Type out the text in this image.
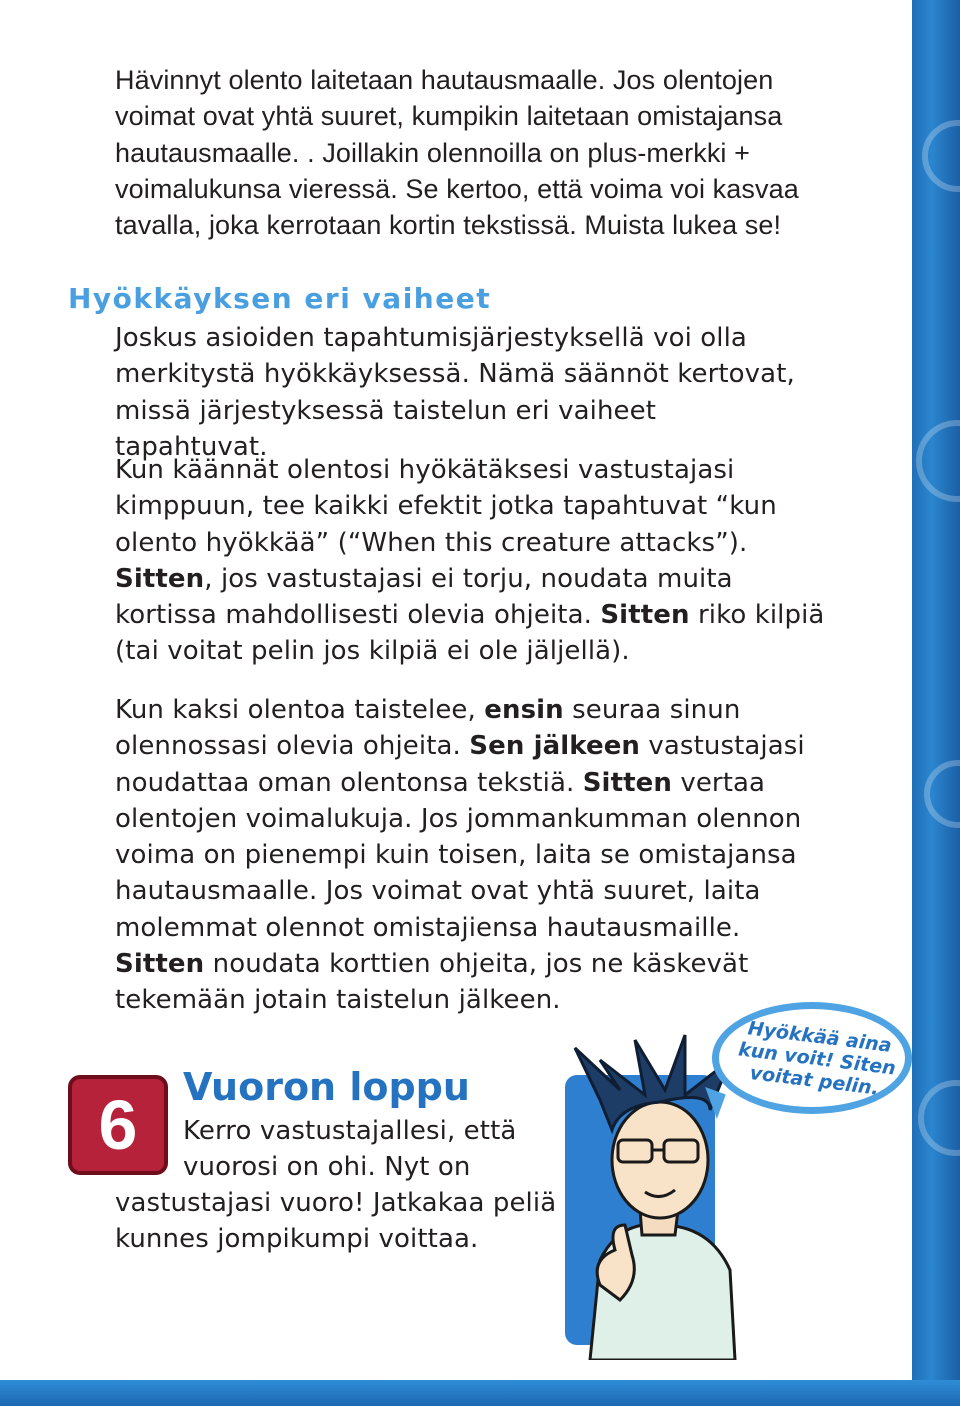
Hävinnyt olento laitetaan hautausmaalle. Jos olentojen voimat ovat yhtä suuret, kumpikin laitetaan omistajansa hautausmaalle. . Joillakin olennoilla on plus-merkki + voimalukunsa vieressä. Se kertoo, että voima voi kasvaa tavalla, joka kerrotaan kortin tekstissä. Muista lukea se!

Hyökkäyksen eri vaiheet

Joskus asioiden tapahtumisjärjestyksellä voi olla merkitystä hyökkäyksessä. Nämä säännöt kertovat, missä järjestyksessä taistelun eri vaiheet tapahtuvat.

Kun käännät olentosi hyökätäksesi vastustajasi kimppuun, tee kaikki efektit jotka tapahtuvat “kun olento hyökkää” (“When this creature attacks”). Sitten, jos vastustajasi ei torju, noudata muita kortissa mahdollisesti olevia ohjeita. Sitten riko kilpiä (tai voitat pelin jos kilpiä ei ole jäljellä).

Kun kaksi olentoa taistelee, ensin seuraa sinun olennossasi olevia ohjeita. Sen jälkeen vastustajasi noudattaa oman olentonsa tekstiä. Sitten vertaa olentojen voimalukuja. Jos jommankumman olennon voima on pienempi kuin toisen, laita se omistajansa hautausmaalle. Jos voimat ovat yhtä suuret, laita molemmat olennot omistajiensa hautausmaille. Sitten noudata korttien ohjeita, jos ne käskevät tekemään jotain taistelun jälkeen.

6 Vuoron loppu

Kerro vastustajallesi, että

vuorosi on ohi. Nyt on

vastustajasi vuoro! Jatkakaa peliä

kunnes jompikumpi voittaa.

Hyökkää aina kun voit! Siten voitat pelin.

11
